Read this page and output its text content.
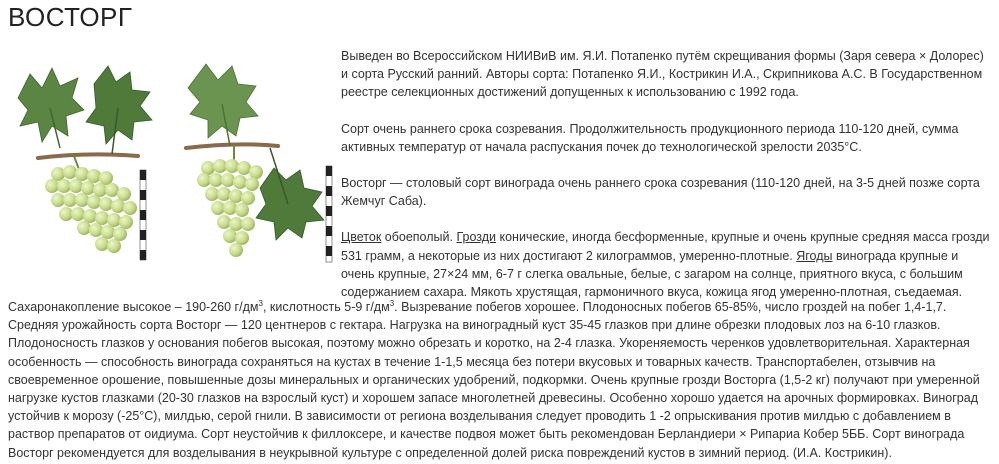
ВОСТОРГ

Выведен во Всероссийском НИИВиВ им. Я.И. Потапенко путём скрещивания формы (Заря севера × Долорес) и сорта Русский ранний. Авторы сорта: Потапенко Я.И., Кострикин И.А., Скрипникова А.С. В Государственном реестре селекционных достижений допущенных к использованию с 1992 года.

Сорт очень раннего срока созревания. Продолжительность продукционного периода 110-120 дней, сумма активных температур от начала распускания почек до технологической зрелости 2035°С.

Восторг — столовый сорт винограда очень раннего срока созревания (110-120 дней, на 3-5 дней позже сорта Жемчуг Саба).

Цветок обоеполый. Грозди конические, иногда бесформенные, крупные и очень крупные средняя масса грозди 531 грамм, а некоторые из них достигают 2 килограммов, умеренно-плотные. Ягоды винограда крупные и очень крупные, 27×24 мм, 6-7 г слегка овальные, белые, с загаром на солнце, приятного вкуса, с большим содержанием сахара. Мякоть хрустящая, гармоничного вкуса, кожица ягод умеренно-плотная, съедаемая.

Сахаронакопление высокое – 190-260 $г/дм^3$, кислотность 5-9 $г/дм^3$. Вызревание побегов хорошее. Плодоносных побегов 65-85%, число гроздей на побег 1,4-1,7. Средняя урожайность сорта Восторг — 120 центнеров с гектара. Нагрузка на виноградный куст 35-45 глазков при длине обрезки плодовых лоз на 6-10 глазков. Плодоносность глазков у основания побегов высокая, поэтому можно обрезать и коротко, на 2-4 глазка. Укореняемость черенков удовлетворительная. Характерная особенность — способность винограда сохраняться на кустах в течение 1-1,5 месяца без потери вкусовых и товарных качеств. Транспортабелен, отзывчив на своевременное орошение, повышенные дозы минеральных и органических удобрений, подкормки. Очень крупные грозди Восторга (1,5-2 кг) получают при умеренной нагрузке кустов глазками (20-30 глазков на взрослый куст) и хорошем запасе многолетней древесины. Особенно хорошо удается на арочных формировках. Виноград устойчив к морозу (-25°С), милдью, серой гнили. В зависимости от региона возделывания следует проводить 1 -2 опрыскивания против милдью с добавлением в раствор препаратов от оидиума. Сорт неустойчив к филлоксере, и качестве подвоя может быть рекомендован Берландиери × Рипариа Кобер 5ББ. Сорт винограда Восторг рекомендуется для возделывания в неукрывной культуре с определенной долей риска повреждений кустов в зимний период. (И.А. Кострикин).
